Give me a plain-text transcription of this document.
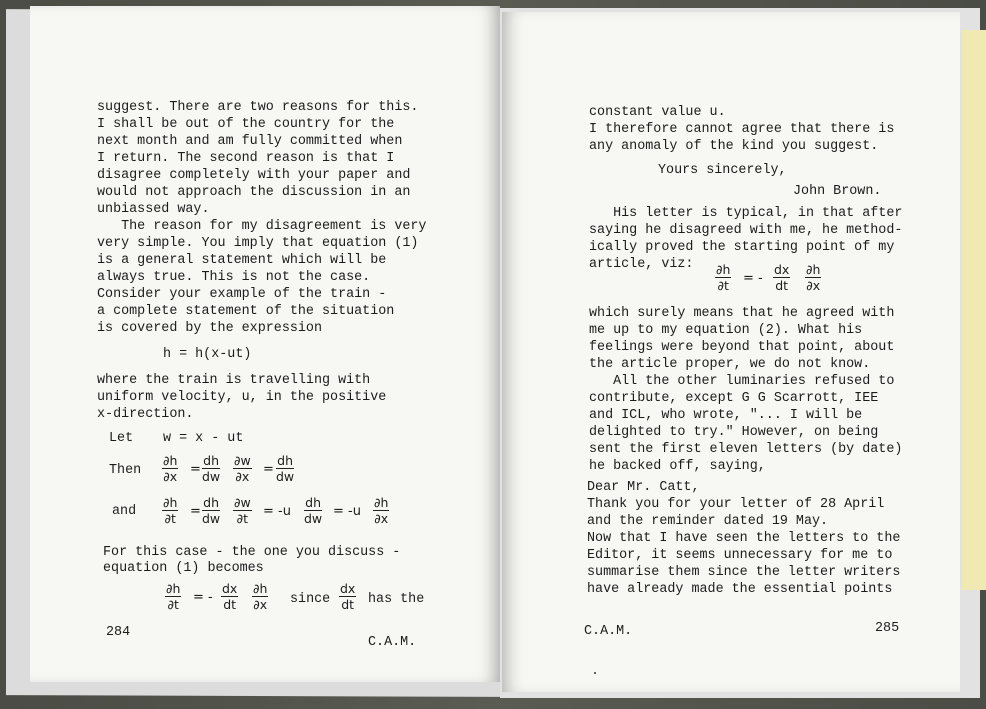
suggest. There are two reasons for this.
I shall be out of the country for the
next month and am fully committed when
I return. The second reason is that I
disagree completely with your paper and
would not approach the discussion in an
unbiassed way.
The reason for my disagreement is very
very simple. You imply that equation (1)
is a general statement which will be
always true. This is not the case.
Consider your example of the train -
a complete statement of the situation
is covered by the expression
h = h(x-ut)
where the train is travelling with
uniform velocity, u, in the positive
x-direction.
Let w = x - ut
Then $\frac{\partial h}{\partial x} = \frac{dh}{dw} \frac{\partial w}{\partial x} = \frac{dh}{dw}$
and $\frac{\partial h}{\partial t} = \frac{dh}{dw} \frac{\partial w}{\partial t} = -u \frac{dh}{dw} = -u \frac{\partial h}{\partial x}$
For this case - the one you discuss -
equation (1) becomes
$\frac{\partial h}{\partial t}$ = - $\frac{dx}{dt} \frac{\partial h}{\partial x}$ since $\frac{dx}{dt}$ has the
284
C.A.M.
constant value u.
I therefore cannot agree that there is
any anomaly of the kind you suggest.
Yours sincerely,
John Brown.
His letter is typical, in that after
saying he disagreed with me, he method-
ically proved the starting point of my
article, viz: $\frac{\partial h}{\partial t}$ = - $\frac{dx}{dt} \frac{\partial h}{\partial x}$
which surely means that he agreed with
me up to my equation (2). What his
feelings were beyond that point, about
the article proper, we do not know.
All the other luminaries refused to
contribute, except G G Scarrott, IEE
and ICL, who wrote, "... I will be
delighted to try." However, on being
sent the first eleven letters (by date)
he backed off, saying,
Dear Mr. Catt,
Thank you for your letter of 28 April
and the reminder dated 19 May.
Now that I have seen the letters to the
Editor, it seems unnecessary for me to
summarise them since the letter writers
have already made the essential points
C.A.M.	285
